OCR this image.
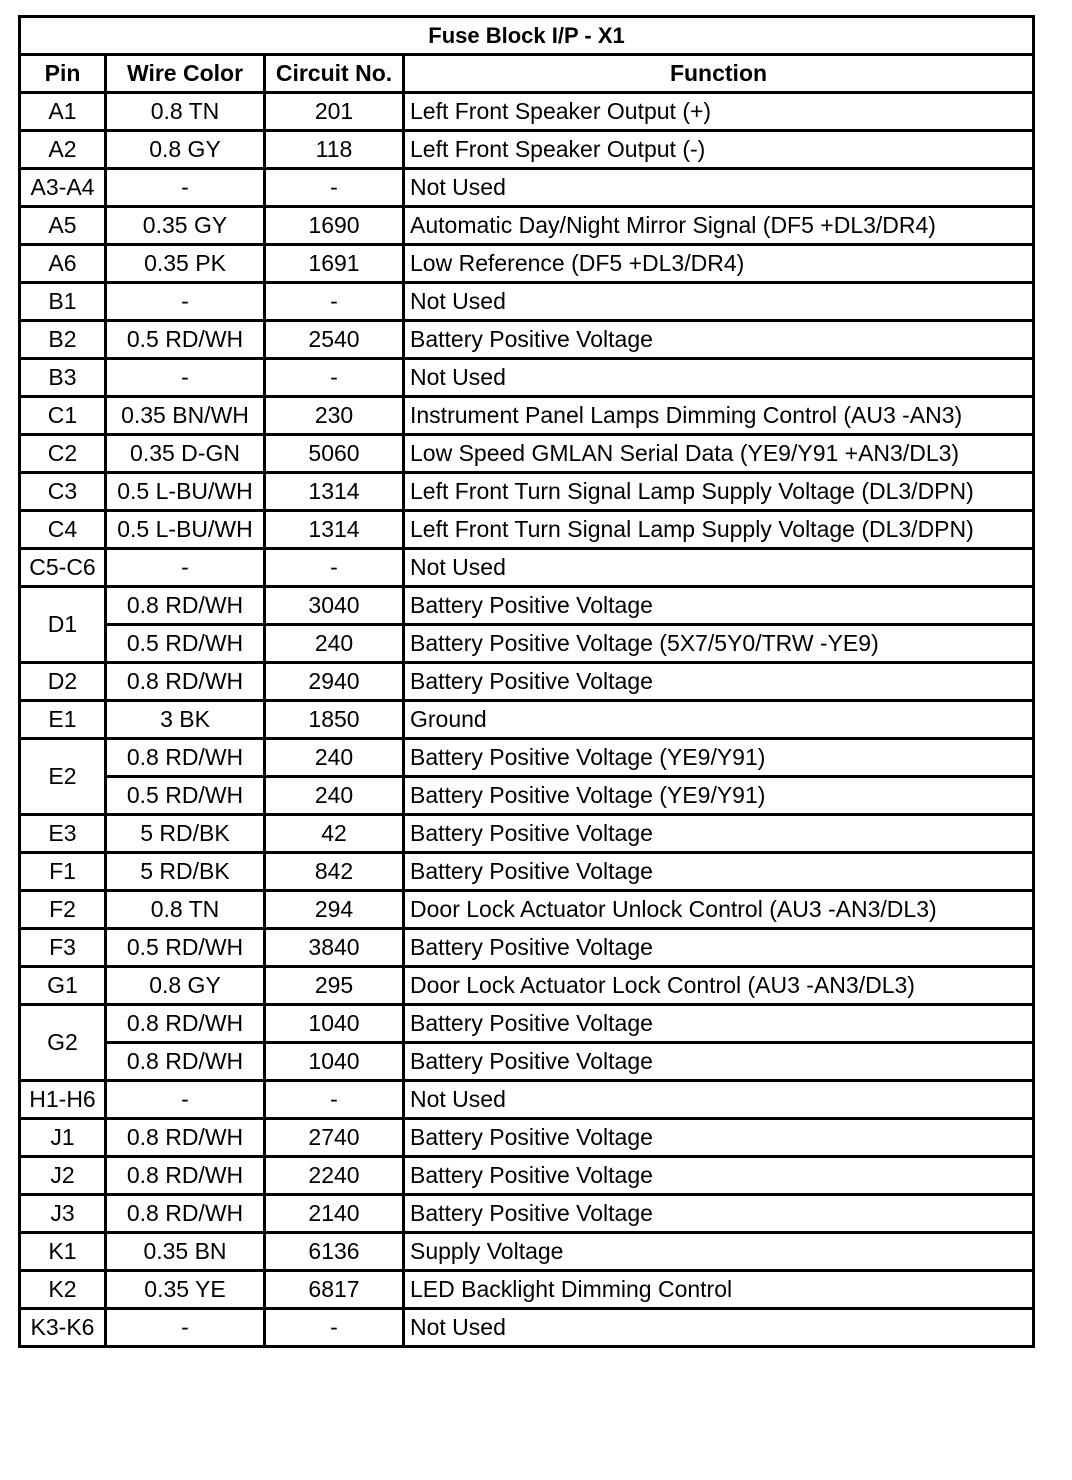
Fuse Block I/P - X1			
Pin	Wire Color	Circuit No.	Function
A1	0.8 TN	201	Left Front Speaker Output (+)
A2	0.8 GY	118	Left Front Speaker Output (-)
A3-A4	-	-	Not Used
A5	0.35 GY	1690	Automatic Day/Night Mirror Signal (DF5 +DL3/DR4)
A6	0.35 PK	1691	Low Reference (DF5 +DL3/DR4)
B1	-	-	Not Used
B2	0.5 RD/WH	2540	Battery Positive Voltage
B3	-	-	Not Used
C1	0.35 BN/WH	230	Instrument Panel Lamps Dimming Control (AU3 -AN3)
C2	0.35 D-GN	5060	Low Speed GMLAN Serial Data (YE9/Y91 +AN3/DL3)
C3	0.5 L-BU/WH	1314	Left Front Turn Signal Lamp Supply Voltage (DL3/DPN)
C4	0.5 L-BU/WH	1314	Left Front Turn Signal Lamp Supply Voltage (DL3/DPN)
C5-C6	-	-	Not Used
D1	0.8 RD/WH	3040	Battery Positive Voltage
	0.5 RD/WH	240	Battery Positive Voltage (5X7/5Y0/TRW -YE9)
D2	0.8 RD/WH	2940	Battery Positive Voltage
E1	3 BK	1850	Ground
E2	0.8 RD/WH	240	Battery Positive Voltage (YE9/Y91)
	0.5 RD/WH	240	Battery Positive Voltage (YE9/Y91)
E3	5 RD/BK	42	Battery Positive Voltage
F1	5 RD/BK	842	Battery Positive Voltage
F2	0.8 TN	294	Door Lock Actuator Unlock Control (AU3 -AN3/DL3)
F3	0.5 RD/WH	3840	Battery Positive Voltage
G1	0.8 GY	295	Door Lock Actuator Lock Control (AU3 -AN3/DL3)
G2	0.8 RD/WH	1040	Battery Positive Voltage
	0.8 RD/WH	1040	Battery Positive Voltage
H1-H6	-	-	Not Used
J1	0.8 RD/WH	2740	Battery Positive Voltage
J2	0.8 RD/WH	2240	Battery Positive Voltage
J3	0.8 RD/WH	2140	Battery Positive Voltage
K1	0.35 BN	6136	Supply Voltage
K2	0.35 YE	6817	LED Backlight Dimming Control
K3-K6	-	-	Not Used
